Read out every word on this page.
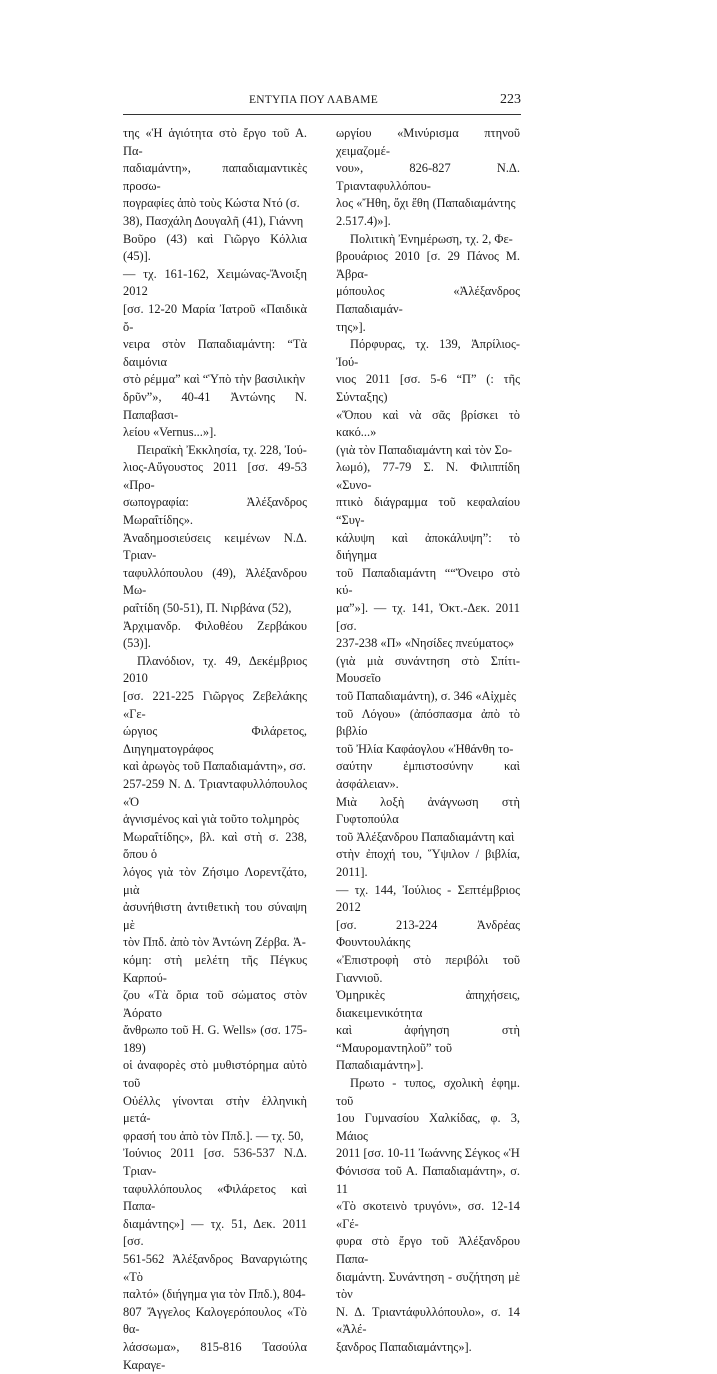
ΕΝΤΥΠΑ ΠΟΥ ΛΑΒΑΜΕ	223

της «Ἡ ἁγιότητα στὸ ἔργο τοῦ Α. Πα-
παδιαμάντη», παπαδιαμαντικὲς προσω-
πογραφίες ἀπὸ τοὺς Κώστα Ντό (σ.
38), Πασχάλη Δουγαλῆ (41), Γιάννη
Βοῦρο (43) καὶ Γιῶργο Κόλλια (45)].
— τχ. 161-162, Χειμώνας-Ἄνοιξη 2012
[σσ. 12-20 Μαρία Ἰατροῦ «Παιδικὰ ὄ-
νειρα στὸν Παπαδιαμάντη: “Τὰ δαιμόνια
στὸ ρέμμα” καὶ “Ὑπὸ τὴν βασιλικὴν
δρῦν”», 40-41 Ἀντώνης Ν. Παπαβασι-
λείου «Vernus...»].

Πειραϊκὴ Ἐκκλησία, τχ. 228, Ἰού-
λιος-Αὔγουστος 2011 [σσ. 49-53 «Προ-
σωπογραφία: Ἀλέξανδρος Μωραΐτίδης».
Ἀναδημοσιεύσεις κειμένων Ν.Δ. Τριαν-
ταφυλλόπουλου (49), Ἀλέξανδρου Μω-
ραΐτίδη (50-51), Π. Νιρβάνα (52),
Ἀρχιμανδρ. Φιλοθέου Ζερβάκου (53)].

Πλανόδιον, τχ. 49, Δεκέμβριος 2010
[σσ. 221-225 Γιῶργος Ζεβελάκης «Γε-
ώργιος Φιλάρετος, Διηγηματογράφος
καὶ ἀρωγὸς τοῦ Παπαδιαμάντη», σσ.
257-259 Ν. Δ. Τριανταφυλλόπουλος «Ὁ
ἁγνισμένος καὶ γιὰ τοῦτο τολμηρὸς
Μωραΐτίδης», βλ. καὶ στὴ σ. 238, ὅπου ὁ
λόγος γιὰ τὸν Ζήσιμο Λορεντζάτο, μιὰ
ἀσυνήθιστη ἀντιθετικὴ του σύναψη μὲ
τὸν Ππδ. ἀπὸ τὸν Ἀντώνη Ζέρβα. Ἀ-
κόμη: στὴ μελέτη τῆς Πέγκυς Καρπού-
ζου «Τὰ ὅρια τοῦ σώματος στὸν Ἀόρατο
ἄνθρωπο τοῦ H. G. Wells» (σσ. 175-189)
οἱ ἀναφορὲς στὸ μυθιστόρημα αὐτὸ τοῦ
Οὐέλλς γίνονται στὴν ἑλληνικὴ μετά-
φρασή του ἀπὸ τὸν Ππδ.]. — τχ. 50,
Ἰούνιος 2011 [σσ. 536-537 Ν.Δ. Τριαν-
ταφυλλόπουλος «Φιλάρετος καὶ Παπα-
διαμάντης»] — τχ. 51, Δεκ. 2011 [σσ.
561-562 Ἀλέξανδρος Βαναργιώτης «Τὸ
παλτό» (διήγημα για τὸν Ππδ.), 804-
807 Ἄγγελος Καλογερόπουλος «Τὸ θα-
λάσσωμα», 815-816 Τασούλα Καραγε-

ωργίου «Μινύρισμα πτηνοῦ χειμαζομέ-
νου», 826-827 Ν.Δ. Τριανταφυλλόπου-
λος «Ἤθη, ὄχι ἔθη (Παπαδιαμάντης
2.517.4)»].

Πολιτικὴ Ἐνημέρωση, τχ. 2, Φε-
βρουάριος 2010 [σ. 29 Πάνος Μ. Ἀβρα-
μόπουλος «Ἀλέξανδρος Παπαδιαμάν-
της»].

Πόρφυρας, τχ. 139, Ἀπρίλιος-Ἰού-
νιος 2011 [σσ. 5-6 “Π” (: τῆς Σύνταξης)
«Ὅπου καὶ νὰ σᾶς βρίσκει τὸ κακό...»
(γιὰ τὸν Παπαδιαμάντη καὶ τὸν Σο-
λωμό), 77-79 Σ. Ν. Φιλιππίδη «Συνο-
πτικὸ διάγραμμα τοῦ κεφαλαίου “Συγ-
κάλυψη καὶ ἀποκάλυψη”: τὸ διήγημα
τοῦ Παπαδιαμάντη ““Ὄνειρο στὸ κύ-
μα”»]. — τχ. 141, Ὀκτ.-Δεκ. 2011 [σσ.
237-238 «Π» «Νησίδες πνεύματος»
(γιὰ μιὰ συνάντηση στὸ Σπίτι-Μουσεῖο
τοῦ Παπαδιαμάντη), σ. 346 «Αἰχμὲς
τοῦ Λόγου» (ἀπόσπασμα ἀπὸ τὸ βιβλίο
τοῦ Ἠλία Καφάογλου «Ἠθάνθη το-
σαύτην ἐμπιστοσύνην καὶ ἀσφάλειαν».
Μιὰ λοξὴ ἀνάγνωση στὴ Γυφτοπούλα
τοῦ Ἀλέξανδρου Παπαδιαμάντη καὶ
στὴν ἐποχή του, Ὕψιλον / βιβλία, 2011].
— τχ. 144, Ἰούλιος - Σεπτέμβριος 2012
[σσ. 213-224 Ἀνδρέας Φουντουλάκης
«Ἐπιστροφὴ στὸ περιβόλι τοῦ Γιαννιοῦ.
Ὁμηρικὲς ἀπηχήσεις, διακειμενικότητα
καὶ ἀφήγηση στὴ “Μαυρομαντηλοῦ” τοῦ
Παπαδιαμάντη»].

Πρωτο - τυπος, σχολικὴ ἐφημ. τοῦ
1ου Γυμνασίου Χαλκίδας, φ. 3, Μάιος
2011 [σσ. 10-11 Ἰωάννης Σέγκος «Ἡ
Φόνισσα τοῦ Α. Παπαδιαμάντη», σ. 11
«Τὸ σκοτεινὸ τρυγόνι», σσ. 12-14 «Γέ-
φυρα στὸ ἔργο τοῦ Ἀλέξανδρου Παπα-
διαμάντη. Συνάντηση - συζήτηση μὲ τὸν
Ν. Δ. Τριαντάφυλλόπουλο», σ. 14 «Ἀλέ-
ξανδρος Παπαδιαμάντης»].
